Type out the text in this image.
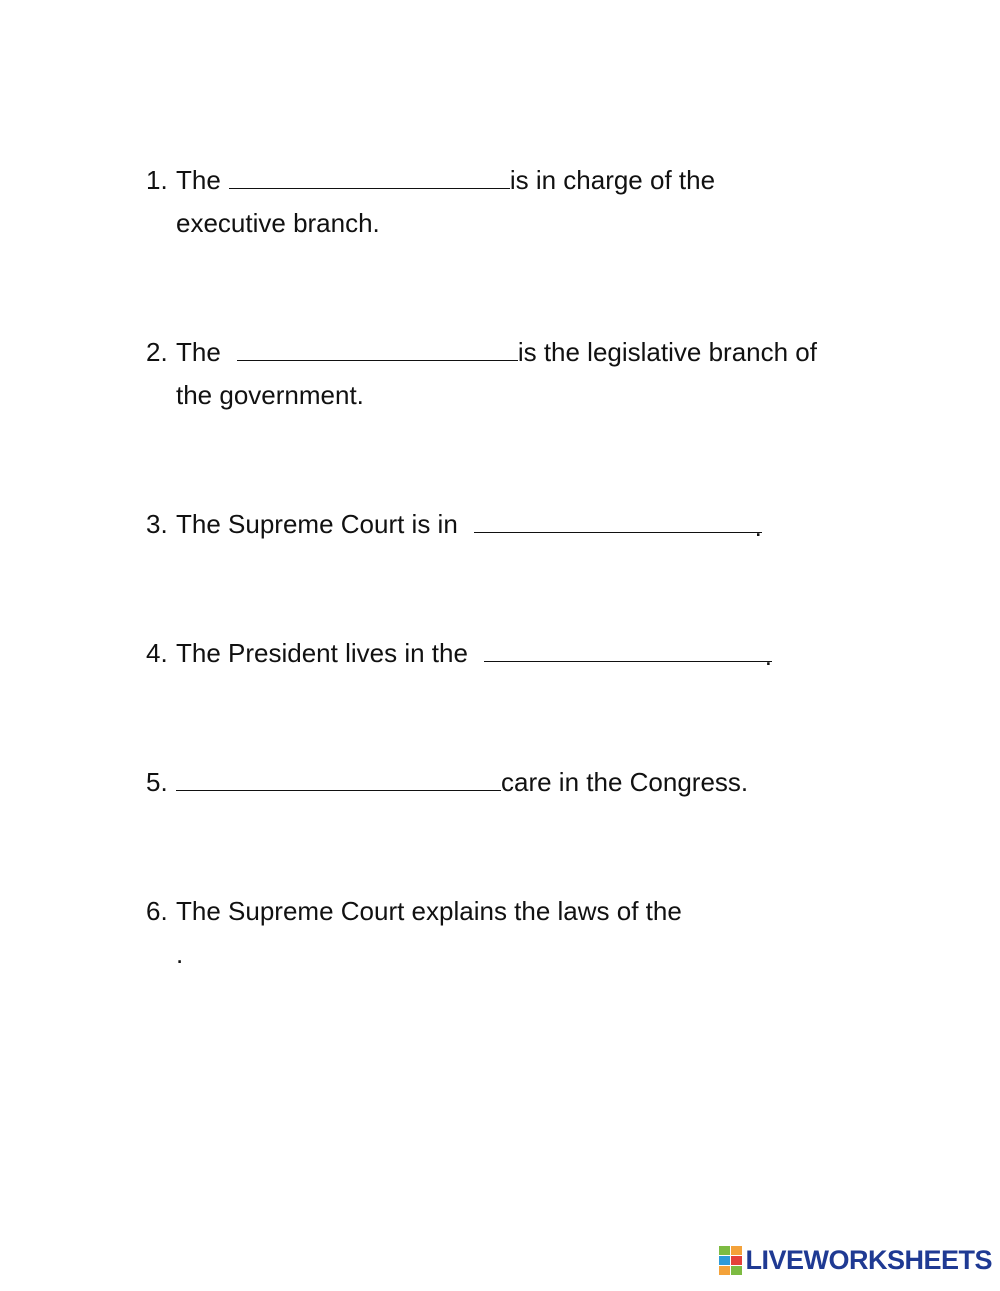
1. The	is in charge of the
executive branch.
2. The	is the legislative branch of
the government.
3. The Supreme Court is in	.
4. The President lives in the	.
5.	care in the Congress.
6. The Supreme Court explains the laws of the
.
LIVEWORKSHEETS
